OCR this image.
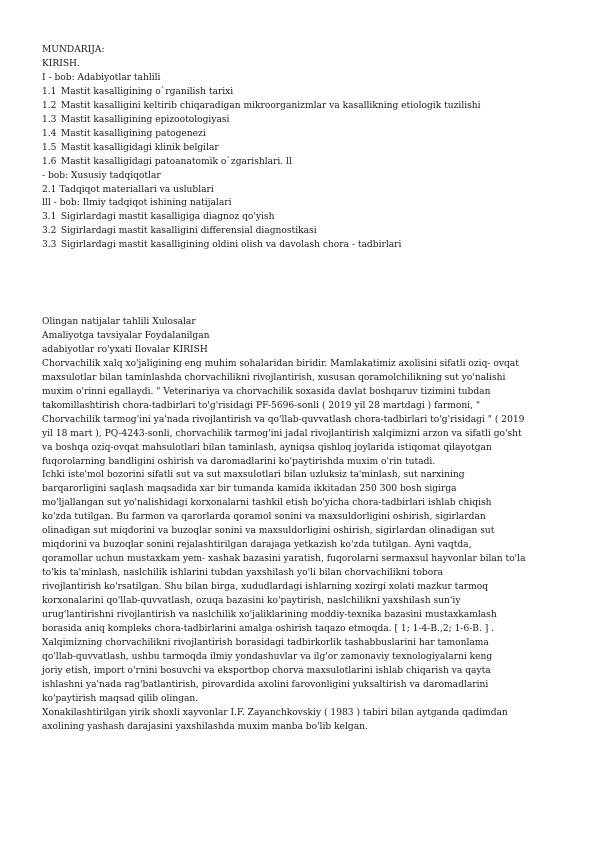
MUNDARIJA:
KIRISH.
I - bob: Adabiyotlar tahlili
1.1 Mastit kasalligining o`rganilish tarixi
1.2 Mastit kasalligini keltirib chiqaradigan mikroorganizmlar va kasallikning etiologik tuzilishi
1.3 Mastit kasalligining epizootologiyasi
1.4 Mastit kasalligining patogenezi
1.5 Mastit kasalligidagi klinik belgilar
1.6 Mastit kasalligidagi patoanatomik o`zgarishlari. ll
- bob: Xususiy tadqiqotlar
2.1 Tadqiqot materiallari va uslublari
lll - bob: Ilmiy tadqiqot ishining natijalari
3.1 Sigirlardagi mastit kasalligiga diagnoz qo'yish
3.2 Sigirlardagi mastit kasalligini differensial diagnostikasi
3.3 Sigirlardagi mastit kasalligining oldini olish va davolash chora - tadbirlari
Olingan natijalar tahlili Xulosalar
Amaliyotga tavsiyalar Foydalanilgan
adabiyotlar ro'yxati Ilovalar KIRISH
Chorvachilik xalq xo'jaligining eng muhim sohalaridan biridir. Mamlakatimiz axolisini sifatli oziq- ovqat
maxsulotlar bilan taminlashda chorvachilikni rivojlantirish, xususan qoramolchilikning sut yo'nalishi
muxim o'rinni egallaydi. " Veterinariya va chorvachilik soxasida davlat boshqaruv tizimini tubdan
takomillashtirish chora-tadbirlari to'g'risidagi PF-5696-sonli ( 2019 yil 28 martdagi ) farmoni, "
Chorvachilik tarmog'ini ya'nada rivojlantirish va qo'llab-quvvatlash chora-tadbirlari to'g'risidagi " ( 2019
yil 18 mart ), PQ-4243-sonli, chorvachilik tarmog'ini jadal rivojlantirish xalqimizni arzon va sifatli go'sht
va boshqa oziq-ovqat mahsulotlari bilan taminlash, ayniqsa qishloq joylarida istiqomat qilayotgan
fuqorolarning bandligini oshirish va daromadlarini ko'paytirishda muxim o'rin tutadi.
Ichki iste'mol bozorini sifatli sut va sut maxsulotlari bilan uzluksiz ta'minlash, sut narxining
barqarorligini saqlash maqsadida xar bir tumanda kamida ikkitadan 250 300 bosh sigirga
mo'ljallangan sut yo'nalishidagi korxonalarni tashkil etish bo'yicha chora-tadbirlari ishlab chiqish
ko'zda tutilgan. Bu farmon va qarorlarda qoramol sonini va maxsuldorligini oshirish, sigirlardan
olinadigan sut miqdorini va buzoqlar sonini va maxsuldorligini oshirish, sigirlardan olinadigan sut
miqdorini va buzoqlar sonini rejalashtirilgan darajaga yetkazish ko'zda tutilgan. Ayni vaqtda,
qoramollar uchun mustaxkam yem- xashak bazasini yaratish, fuqorolarni sermaxsul hayvonlar bilan to'la
to'kis ta'minlash, naslchilik ishlarini tubdan yaxshilash yo'li bilan chorvachilikni tobora
rivojlantirish ko'rsatilgan. Shu bilan birga, xududlardagi ishlarning xozirgi xolati mazkur tarmoq
korxonalarini qo'llab-quvvatlash, ozuqa bazasini ko'paytirish, naslchilikni yaxshilash sun'iy
urug'lantirishni rivojlantirish va naslchilik xo'jaliklarining moddiy-texnika bazasini mustaxkamlash
borasida aniq kompleks chora-tadbirlarini amalga oshirish taqazo etmoqda. [ 1; 1-4-B.,2; 1-6-B. ] .
Xalqimizning chorvachilikni rivojlantirish borasidagi tadbirkorlik tashabbuslarini har tamonlama
qo'llab-quvvatlash, ushbu tarmoqda ilmiy yondashuvlar va ilg'or zamonaviy texnologiyalarni keng
joriy etish, import o'rnini bosuvchi va eksportbop chorva maxsulotlarini ishlab chiqarish va qayta
ishlashni ya'nada rag'batlantirish, pirovardida axolini farovonligini yuksaltirish va daromadlarini
ko'paytirish maqsad qilib olingan.
Xonakilashtirilgan yirik shoxli xayvonlar I.F. Zayanchkovskiy ( 1983 ) tabiri bilan aytganda qadimdan
axolining yashash darajasini yaxshilashda muxim manba bo'lib kelgan.
